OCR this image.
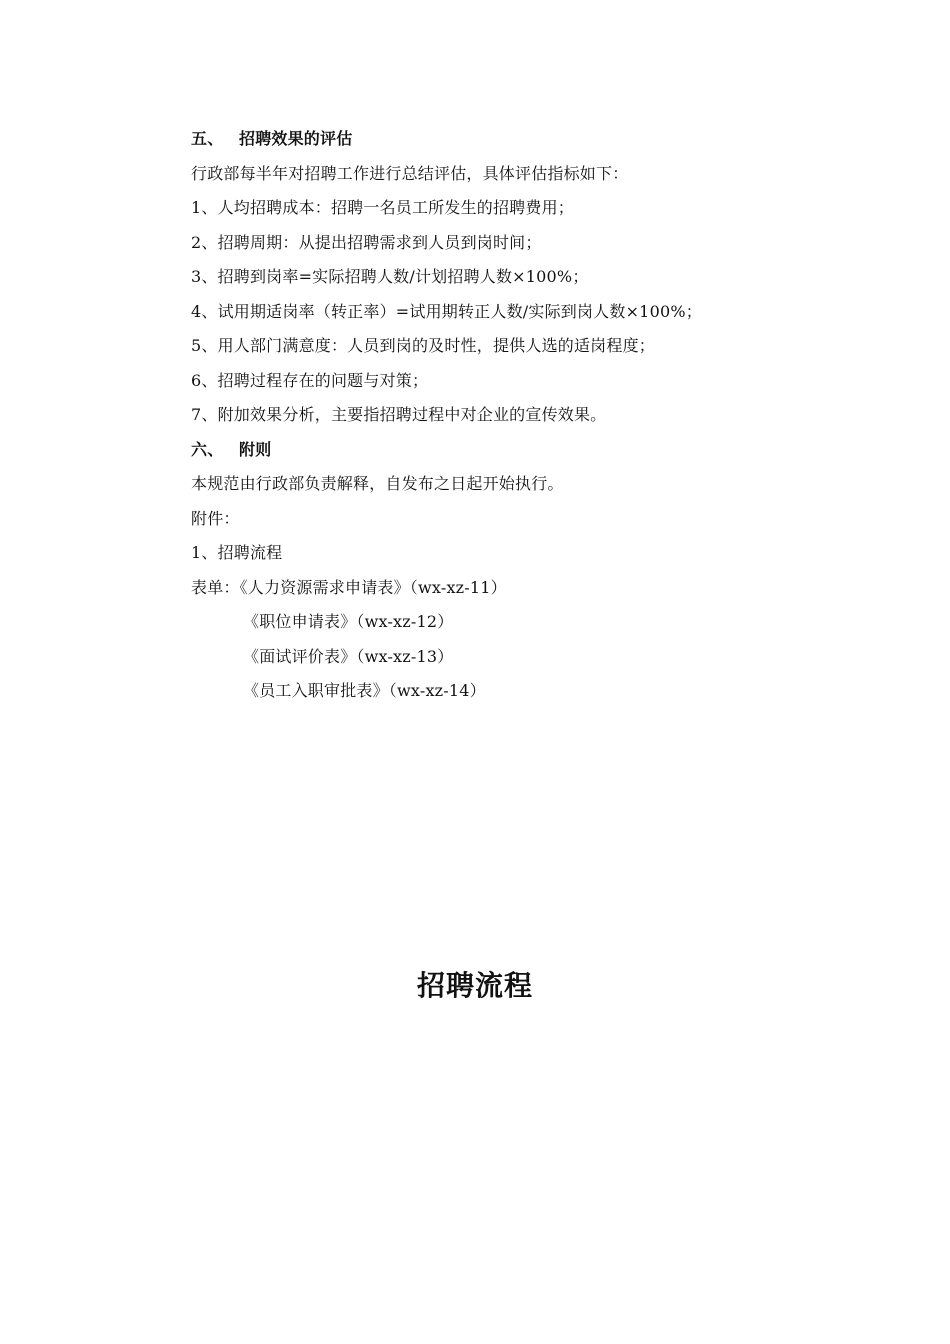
五、 招聘效果的评估
行政部每半年对招聘工作进行总结评估，具体评估指标如下：
1、人均招聘成本：招聘一名员工所发生的招聘费用；
2、招聘周期：从提出招聘需求到人员到岗时间；
3、招聘到岗率=实际招聘人数/计划招聘人数×100%；
4、试用期适岗率（转正率）=试用期转正人数/实际到岗人数×100%；
5、用人部门满意度：人员到岗的及时性，提供人选的适岗程度；
6、招聘过程存在的问题与对策；
7、附加效果分析，主要指招聘过程中对企业的宣传效果。
六、 附则
本规范由行政部负责解释，自发布之日起开始执行。
附件：
1、招聘流程
表单：《人力资源需求申请表》（wx-xz-11）
《职位申请表》（wx-xz-12）
《面试评价表》（wx-xz-13）
《员工入职审批表》（wx-xz-14）
招聘流程
